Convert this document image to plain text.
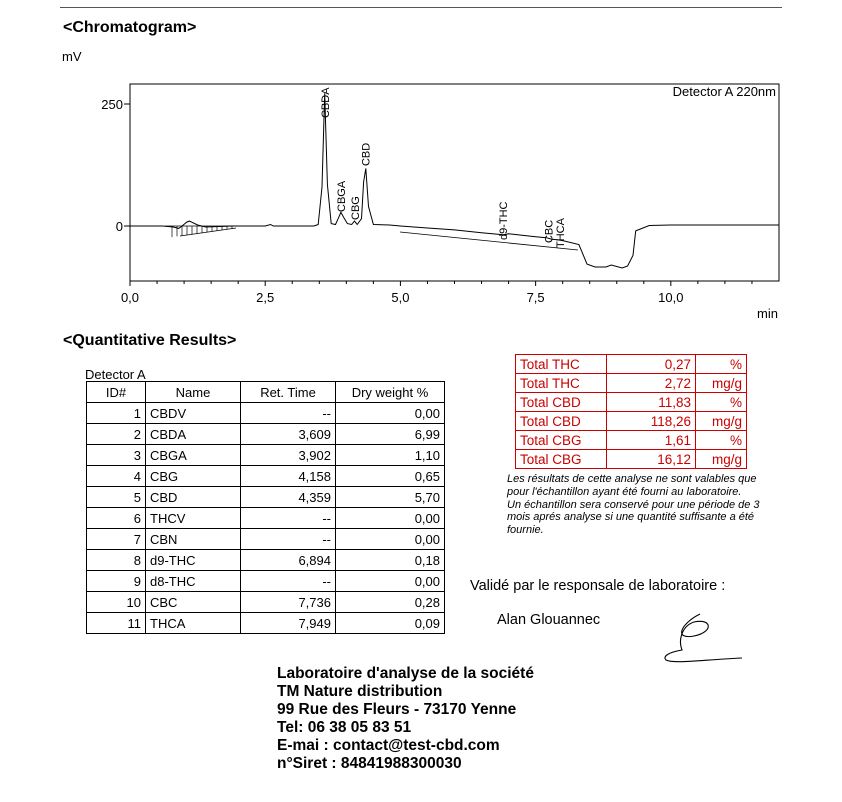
<Chromatogram>
mV
0,0	2,5	5,0	7,5	10,0
0
250	CBDA
CBGA CBG
CBD
d9-THC	CBC THCA
Detector A 220nm
min
<Quantitative Results>
Detector A
ID#	Name	Ret. Time	Dry weight %
1	CBDV	--	0,00
2	CBDA	3,609	6,99
3	CBGA	3,902	1,10
4	CBG	4,158	0,65
5	CBD	4,359	5,70
6	THCV	--	0,00
7	CBN	--	0,00
8	d9-THC	6,894	0,18
9	d8-THC	--	0,00
10	CBC	7,736	0,28
11	THCA	7,949	0,09
Total THC	0,27	%
Total THC	2,72	mg/g
Total CBD	11,83	%
Total CBD	118,26	mg/g
Total CBG	1,61	%
Total CBG	16,12	mg/g

Les résultats de cette analyse ne sont valables que pour l'échantillon ayant été fourni au laboratoire.

Un échantillon sera conservé pour une période de 3 mois aprés analyse si une quantité suffisante a été fournie.

Validé par le responsale de laboratoire :
Alan Glouannec
Laboratoire d'analyse de la société
TM Nature distribution
99 Rue des Fleurs - 73170 Yenne
Tel: 06 38 05 83 51
E-mai : contact@test-cbd.com
n°Siret : 84841988300030
